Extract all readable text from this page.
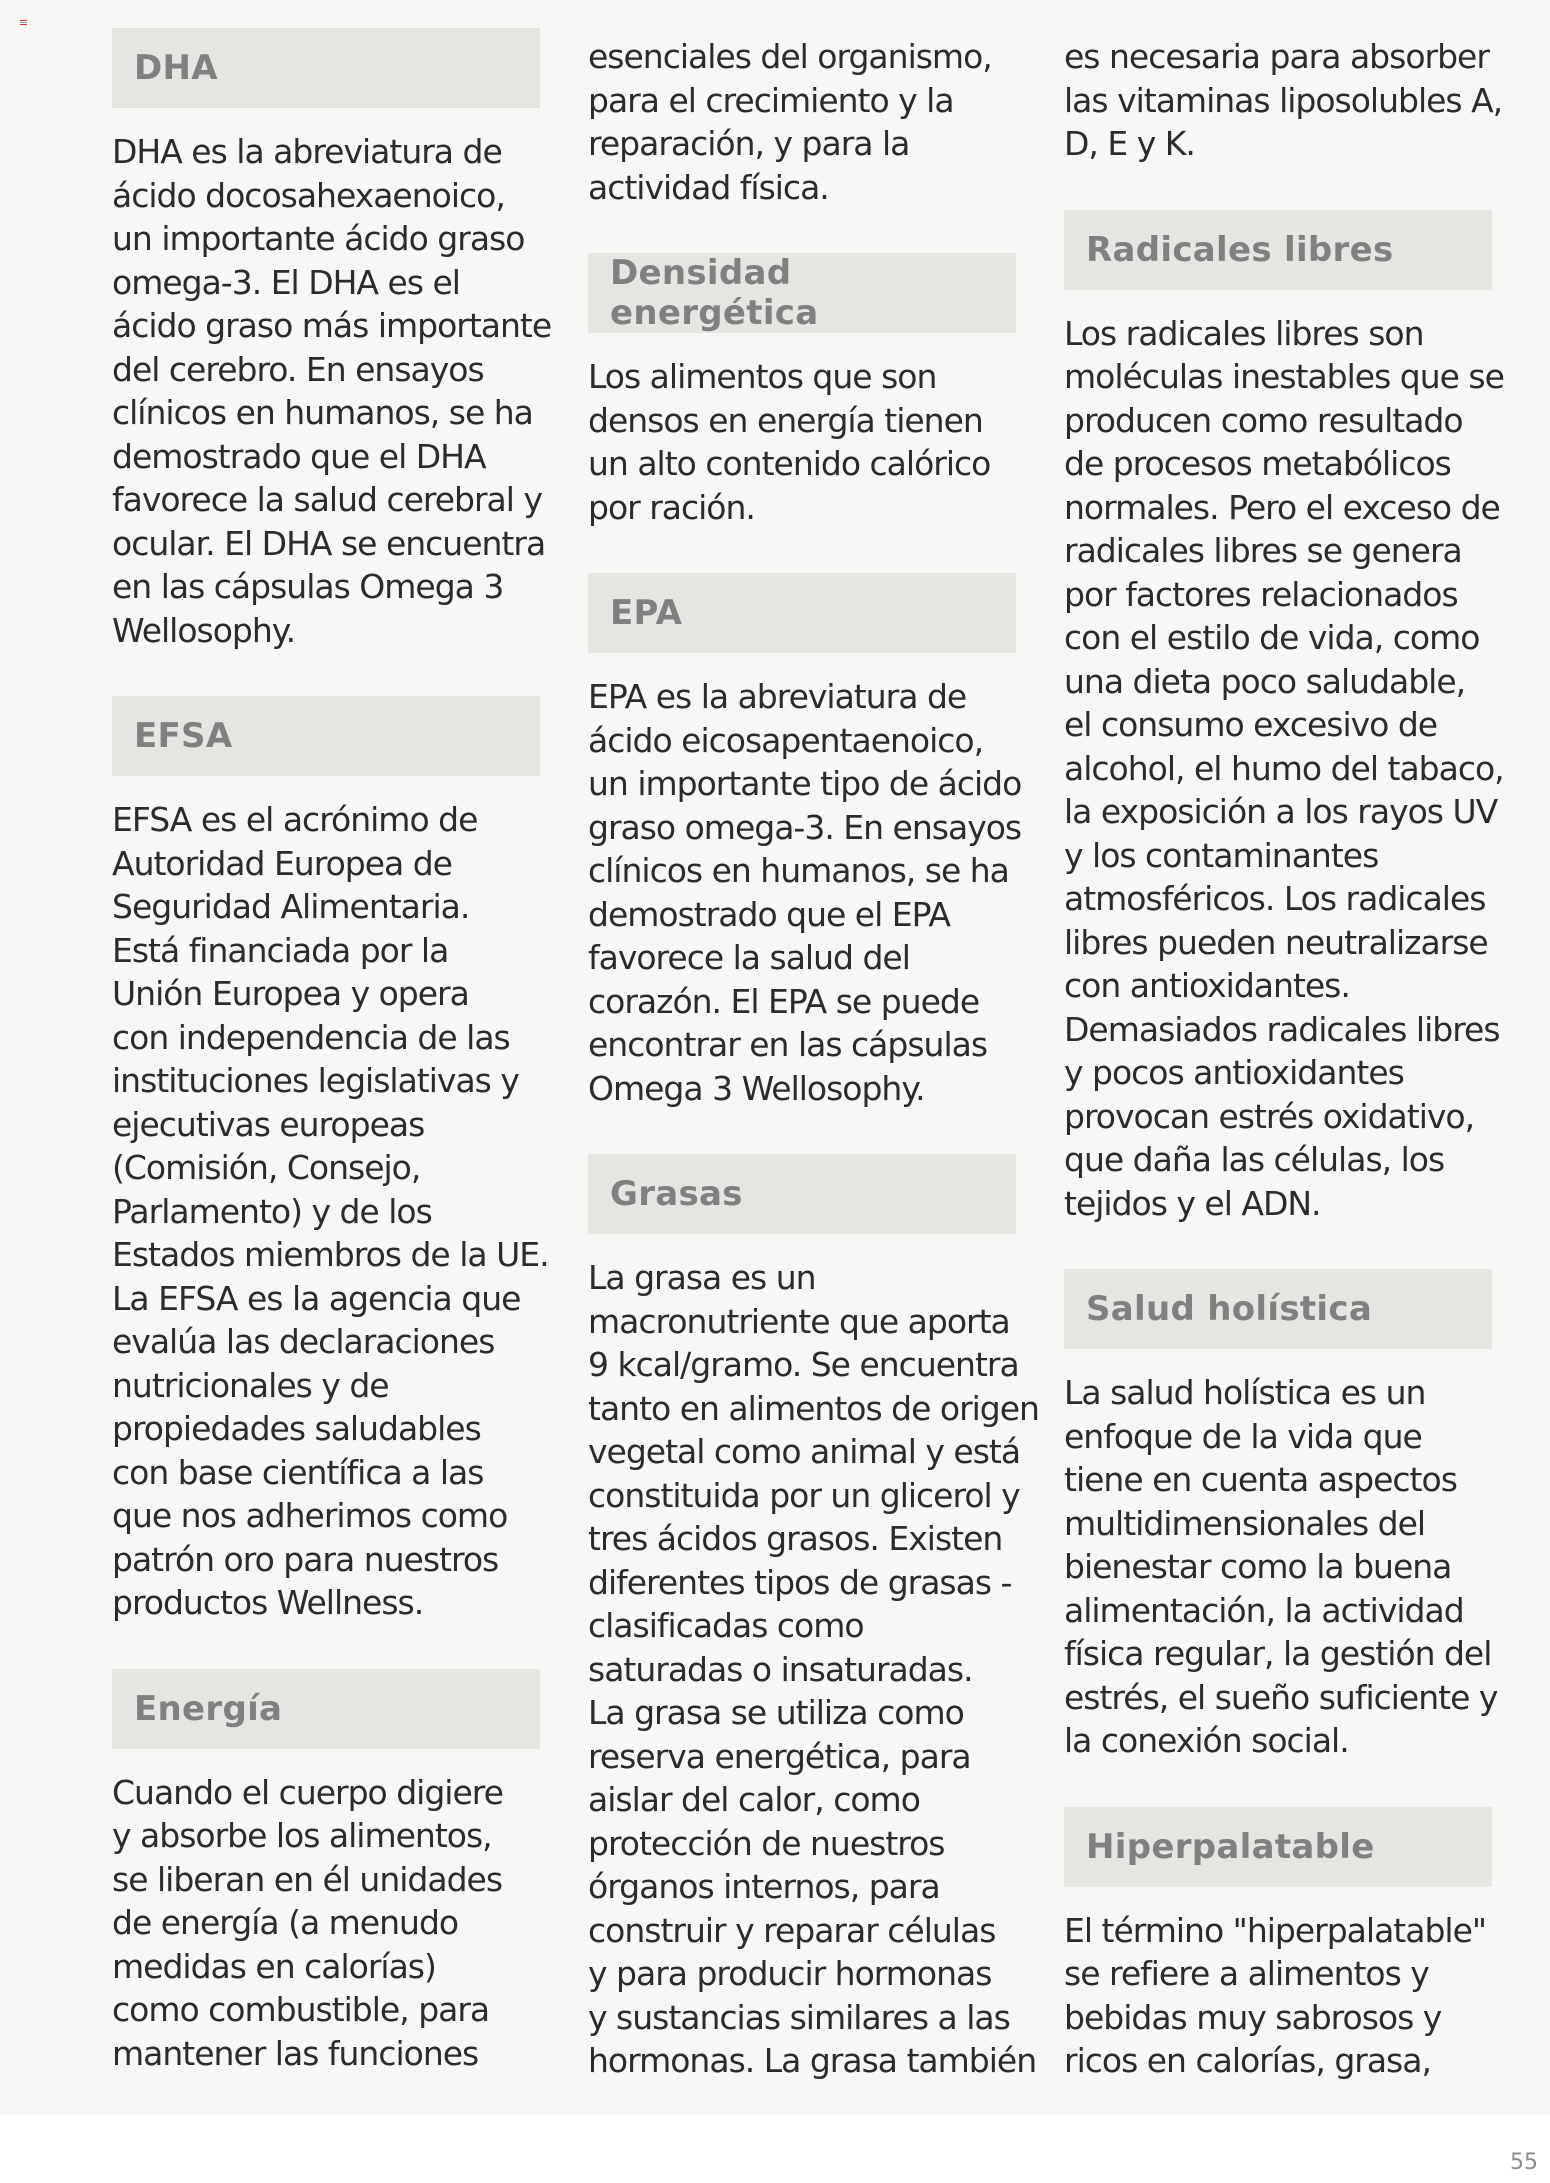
DHA
DHA es la abreviatura de
ácido docosahexaenoico,
un importante ácido graso
omega-3. El DHA es el
ácido graso más importante
del cerebro. En ensayos
clínicos en humanos, se ha
demostrado que el DHA
favorece la salud cerebral y
ocular. El DHA se encuentra
en las cápsulas Omega 3
Wellosophy.
EFSA
EFSA es el acrónimo de
Autoridad Europea de
Seguridad Alimentaria.
Está financiada por la
Unión Europea y opera
con independencia de las
instituciones legislativas y
ejecutivas europeas
(Comisión, Consejo,
Parlamento) y de los
Estados miembros de la UE.
La EFSA es la agencia que
evalúa las declaraciones
nutricionales y de
propiedades saludables
con base científica a las
que nos adherimos como
patrón oro para nuestros
productos Wellness.
Energía
Cuando el cuerpo digiere
y absorbe los alimentos,
se liberan en él unidades
de energía (a menudo
medidas en calorías)
como combustible, para
mantener las funciones
esenciales del organismo,
para el crecimiento y la
reparación, y para la
actividad física.
Densidad energética
Los alimentos que son
densos en energía tienen
un alto contenido calórico
por ración.
EPA
EPA es la abreviatura de
ácido eicosapentaenoico,
un importante tipo de ácido
graso omega-3. En ensayos
clínicos en humanos, se ha
demostrado que el EPA
favorece la salud del
corazón. El EPA se puede
encontrar en las cápsulas
Omega 3 Wellosophy.
Grasas
La grasa es un
macronutriente que aporta
9 kcal/gramo. Se encuentra
tanto en alimentos de origen
vegetal como animal y está
constituida por un glicerol y
tres ácidos grasos. Existen
diferentes tipos de grasas -
clasificadas como
saturadas o insaturadas.
La grasa se utiliza como
reserva energética, para
aislar del calor, como
protección de nuestros
órganos internos, para
construir y reparar células
y para producir hormonas
y sustancias similares a las
hormonas. La grasa también
es necesaria para absorber
las vitaminas liposolubles A,
D, E y K.
Radicales libres
Los radicales libres son
moléculas inestables que se
producen como resultado
de procesos metabólicos
normales. Pero el exceso de
radicales libres se genera
por factores relacionados
con el estilo de vida, como
una dieta poco saludable,
el consumo excesivo de
alcohol, el humo del tabaco,
la exposición a los rayos UV
y los contaminantes
atmosféricos. Los radicales
libres pueden neutralizarse
con antioxidantes.
Demasiados radicales libres
y pocos antioxidantes
provocan estrés oxidativo,
que daña las células, los
tejidos y el ADN.
Salud holística
La salud holística es un
enfoque de la vida que
tiene en cuenta aspectos
multidimensionales del
bienestar como la buena
alimentación, la actividad
física regular, la gestión del
estrés, el sueño suficiente y
la conexión social.
Hiperpalatable
El término "hiperpalatable"
se refiere a alimentos y
bebidas muy sabrosos y
ricos en calorías, grasa,
55
